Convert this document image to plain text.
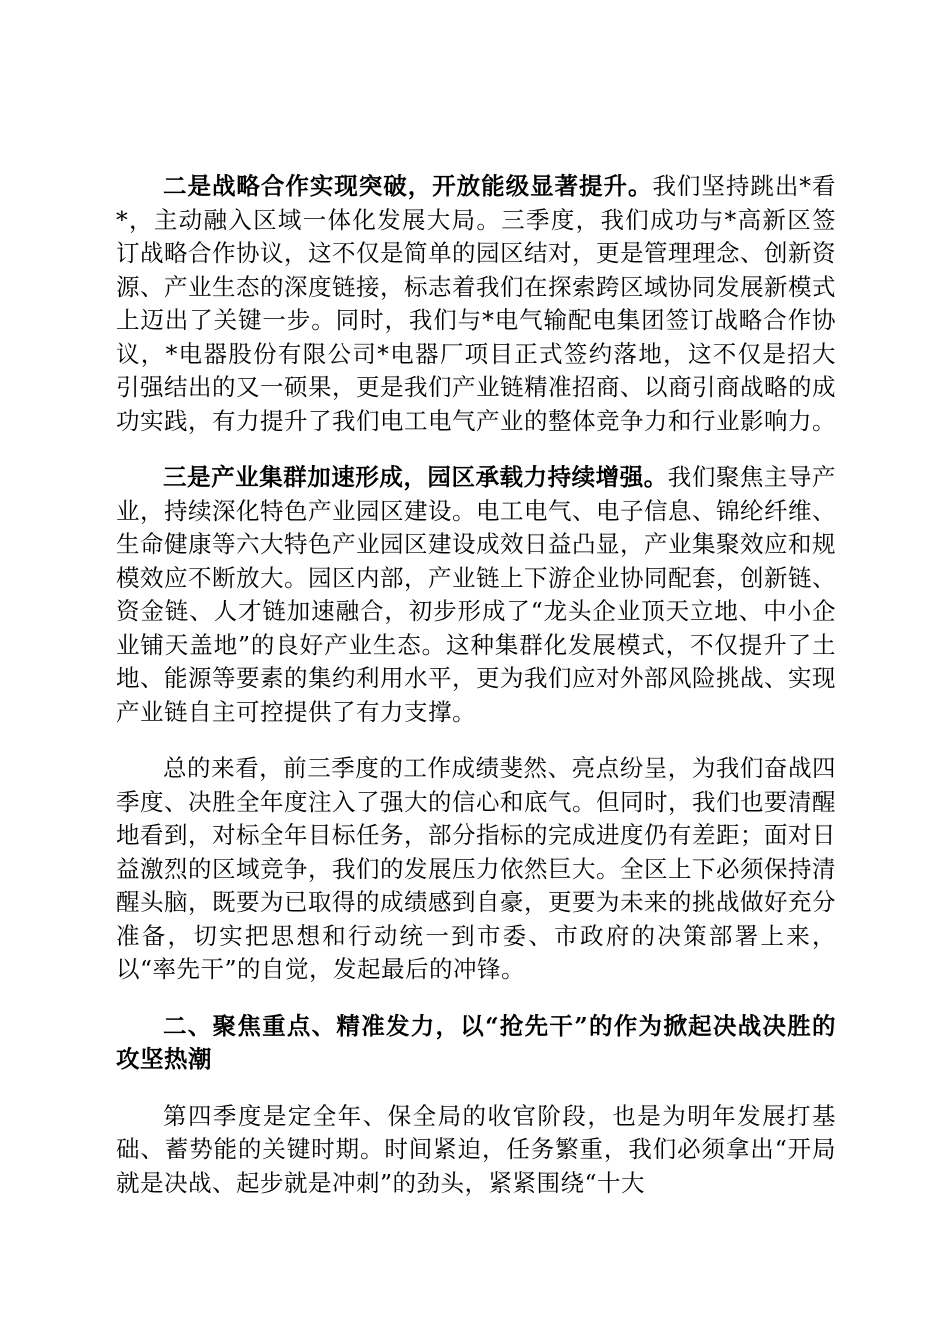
二是战略合作实现突破，开放能级显著提升。我们坚持跳出*看*，主动融入区域一体化发展大局。三季度，我们成功与*高新区签订战略合作协议，这不仅是简单的园区结对，更是管理理念、创新资源、产业生态的深度链接，标志着我们在探索跨区域协同发展新模式上迈出了关键一步。同时，我们与*电气输配电集团签订战略合作协议，*电器股份有限公司*电器厂项目正式签约落地，这不仅是招大引强结出的又一硕果，更是我们产业链精准招商、以商引商战略的成功实践，有力提升了我们电工电气产业的整体竞争力和行业影响力。

三是产业集群加速形成，园区承载力持续增强。我们聚焦主导产业，持续深化特色产业园区建设。电工电气、电子信息、锦纶纤维、生命健康等六大特色产业园区建设成效日益凸显，产业集聚效应和规模效应不断放大。园区内部，产业链上下游企业协同配套，创新链、资金链、人才链加速融合，初步形成了“龙头企业顶天立地、中小企业铺天盖地”的良好产业生态。这种集群化发展模式，不仅提升了土地、能源等要素的集约利用水平，更为我们应对外部风险挑战、实现产业链自主可控提供了有力支撑。

总的来看，前三季度的工作成绩斐然、亮点纷呈，为我们奋战四季度、决胜全年度注入了强大的信心和底气。但同时，我们也要清醒地看到，对标全年目标任务，部分指标的完成进度仍有差距；面对日益激烈的区域竞争，我们的发展压力依然巨大。全区上下必须保持清醒头脑，既要为已取得的成绩感到自豪，更要为未来的挑战做好充分准备，切实把思想和行动统一到市委、市政府的决策部署上来，以“率先干”的自觉，发起最后的冲锋。

二、聚焦重点、精准发力，以“抢先干”的作为掀起决战决胜的攻坚热潮

第四季度是定全年、保全局的收官阶段，也是为明年发展打基础、蓄势能的关键时期。时间紧迫，任务繁重，我们必须拿出“开局就是决战、起步就是冲刺”的劲头，紧紧围绕“十大
